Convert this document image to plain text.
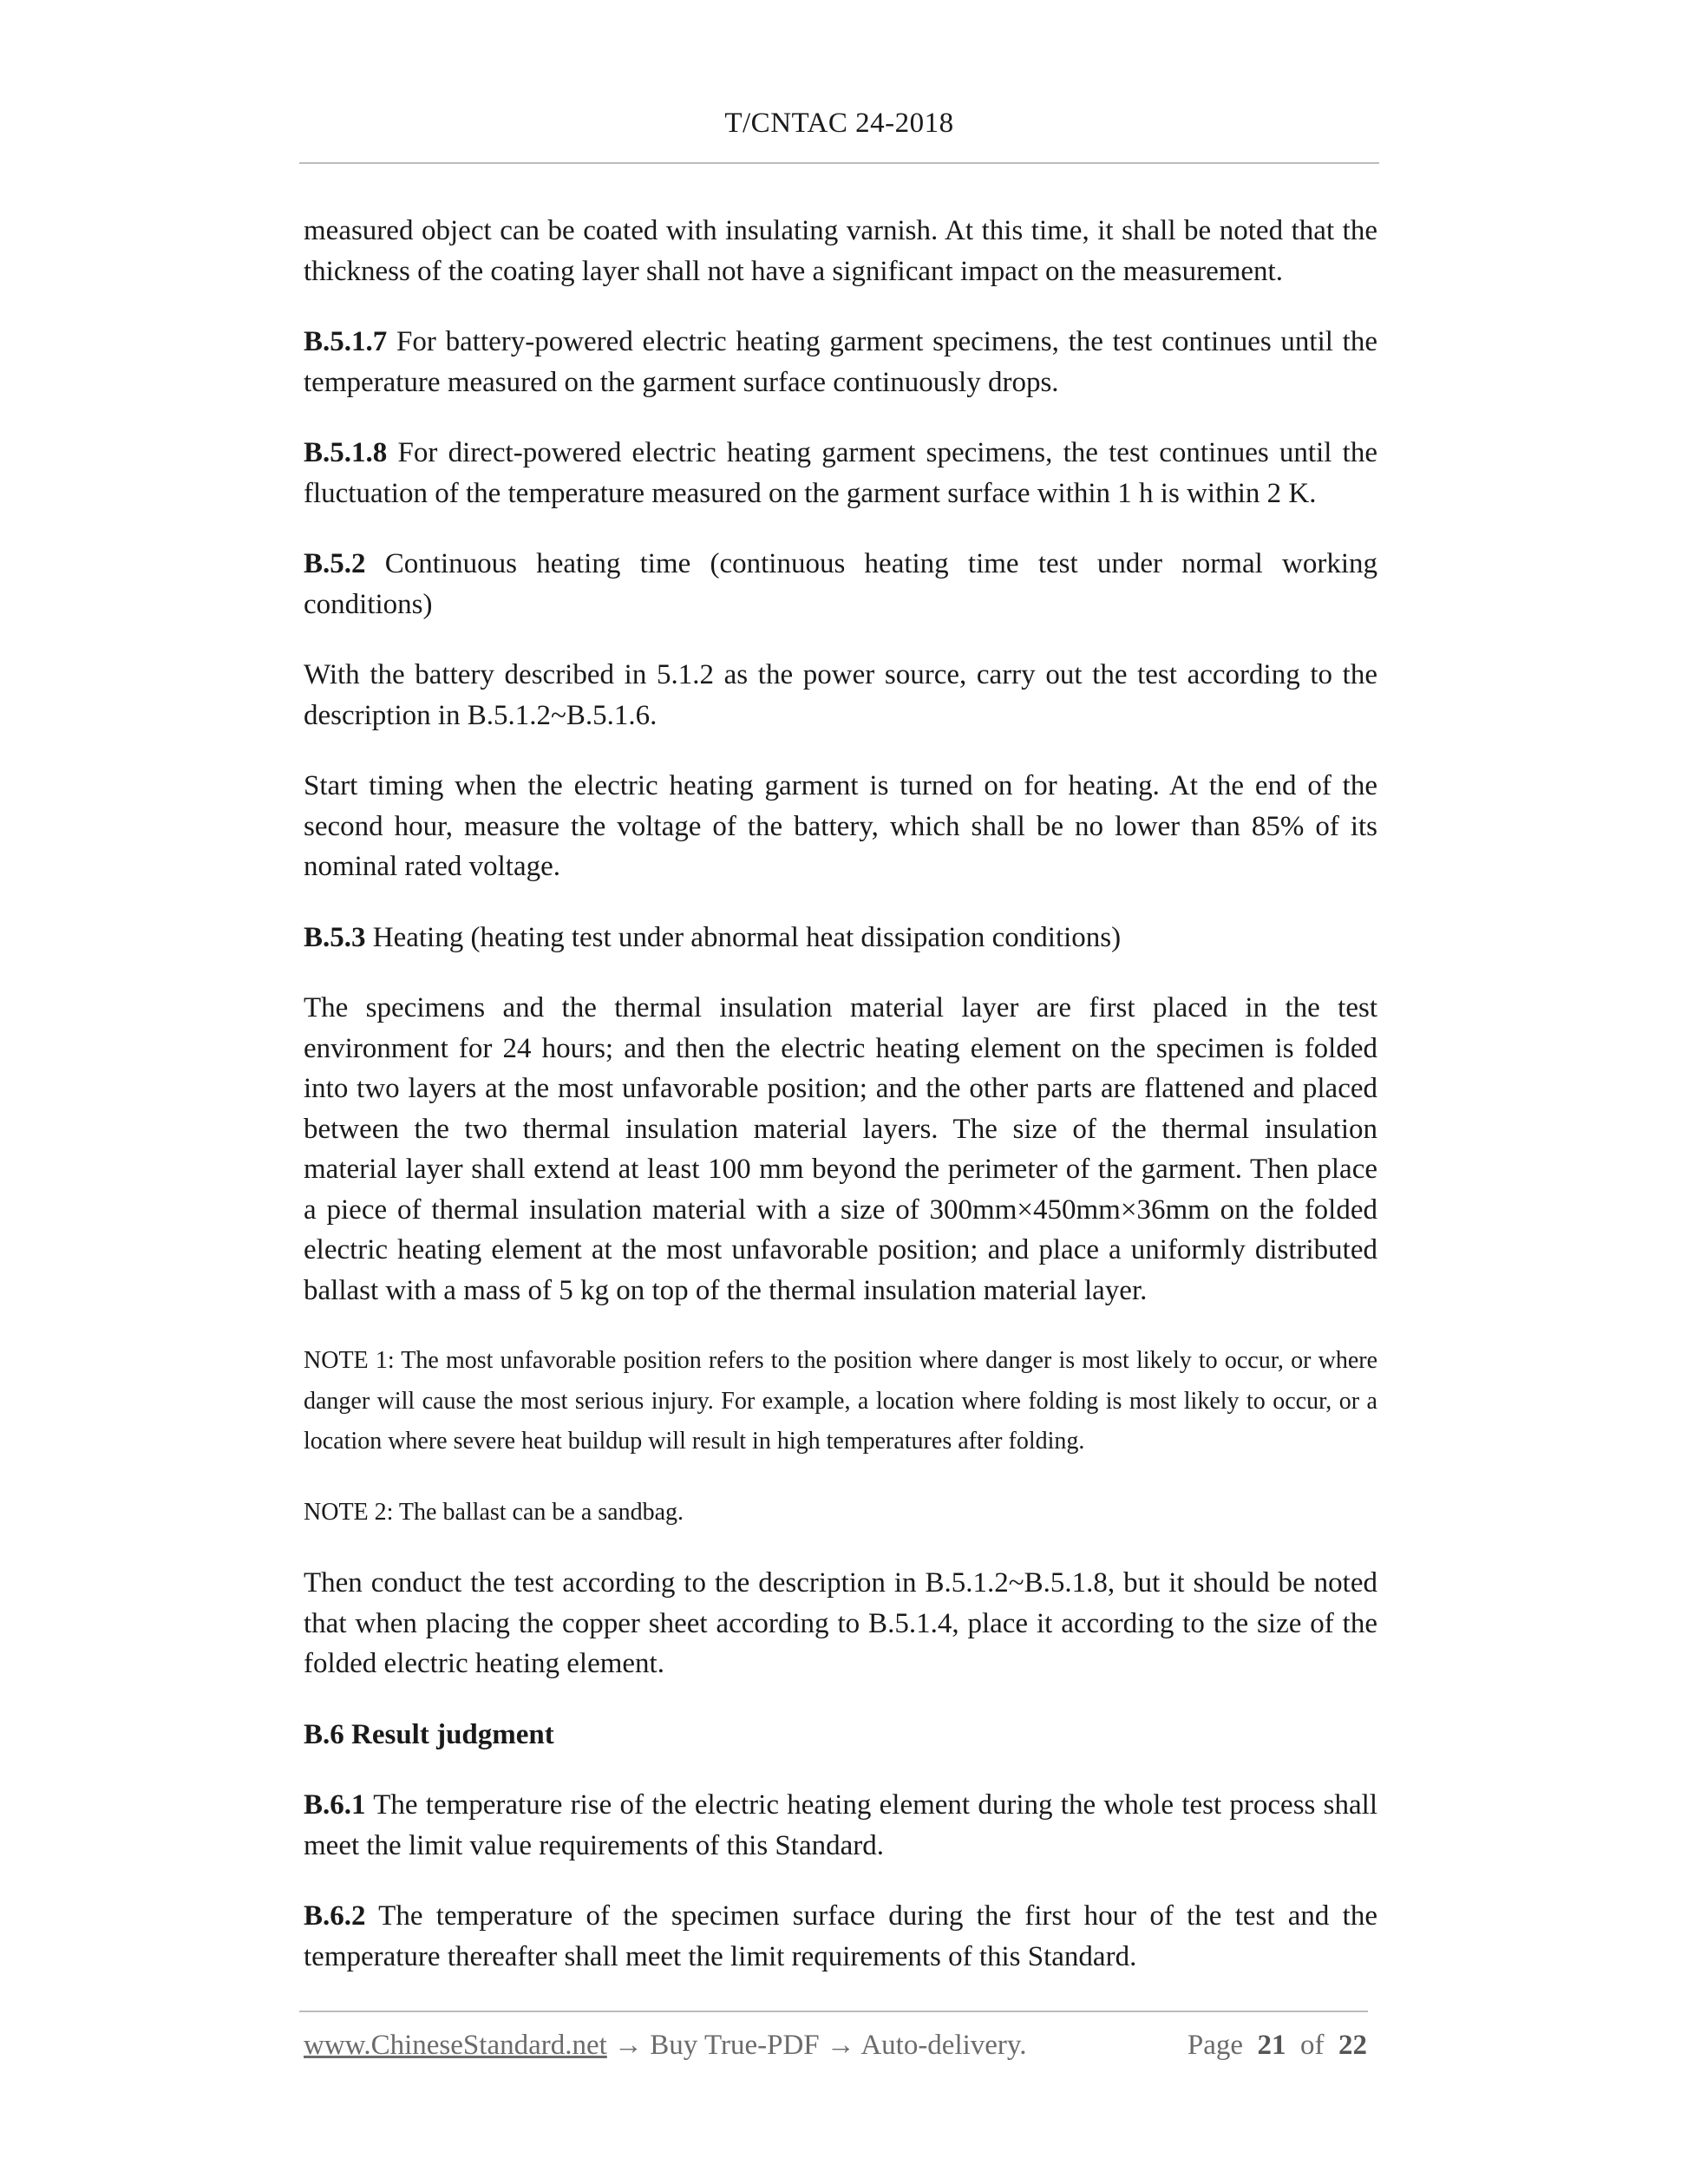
T/CNTAC 24-2018

measured object can be coated with insulating varnish. At this time, it shall be noted that the thickness of the coating layer shall not have a significant impact on the measurement.

B.5.1.7 For battery-powered electric heating garment specimens, the test continues until the temperature measured on the garment surface continuously drops.

B.5.1.8 For direct-powered electric heating garment specimens, the test continues until the fluctuation of the temperature measured on the garment surface within 1 h is within 2 K.

B.5.2 Continuous heating time (continuous heating time test under normal working conditions)

With the battery described in 5.1.2 as the power source, carry out the test according to the description in B.5.1.2~B.5.1.6.

Start timing when the electric heating garment is turned on for heating. At the end of the second hour, measure the voltage of the battery, which shall be no lower than 85% of its nominal rated voltage.

B.5.3 Heating (heating test under abnormal heat dissipation conditions)

The specimens and the thermal insulation material layer are first placed in the test environment for 24 hours; and then the electric heating element on the specimen is folded into two layers at the most unfavorable position; and the other parts are flattened and placed between the two thermal insulation material layers. The size of the thermal insulation material layer shall extend at least 100 mm beyond the perimeter of the garment. Then place a piece of thermal insulation material with a size of 300mm×450mm×36mm on the folded electric heating element at the most unfavorable position; and place a uniformly distributed ballast with a mass of 5 kg on top of the thermal insulation material layer.

NOTE 1: The most unfavorable position refers to the position where danger is most likely to occur, or where danger will cause the most serious injury. For example, a location where folding is most likely to occur, or a location where severe heat buildup will result in high temperatures after folding.

NOTE 2: The ballast can be a sandbag.

Then conduct the test according to the description in B.5.1.2~B.5.1.8, but it should be noted that when placing the copper sheet according to B.5.1.4, place it according to the size of the folded electric heating element.

B.6 Result judgment

B.6.1 The temperature rise of the electric heating element during the whole test process shall meet the limit value requirements of this Standard.

B.6.2 The temperature of the specimen surface during the first hour of the test and the temperature thereafter shall meet the limit requirements of this Standard.

www.ChineseStandard.net → Buy True-PDF → Auto-delivery.	Page 21 of 22
